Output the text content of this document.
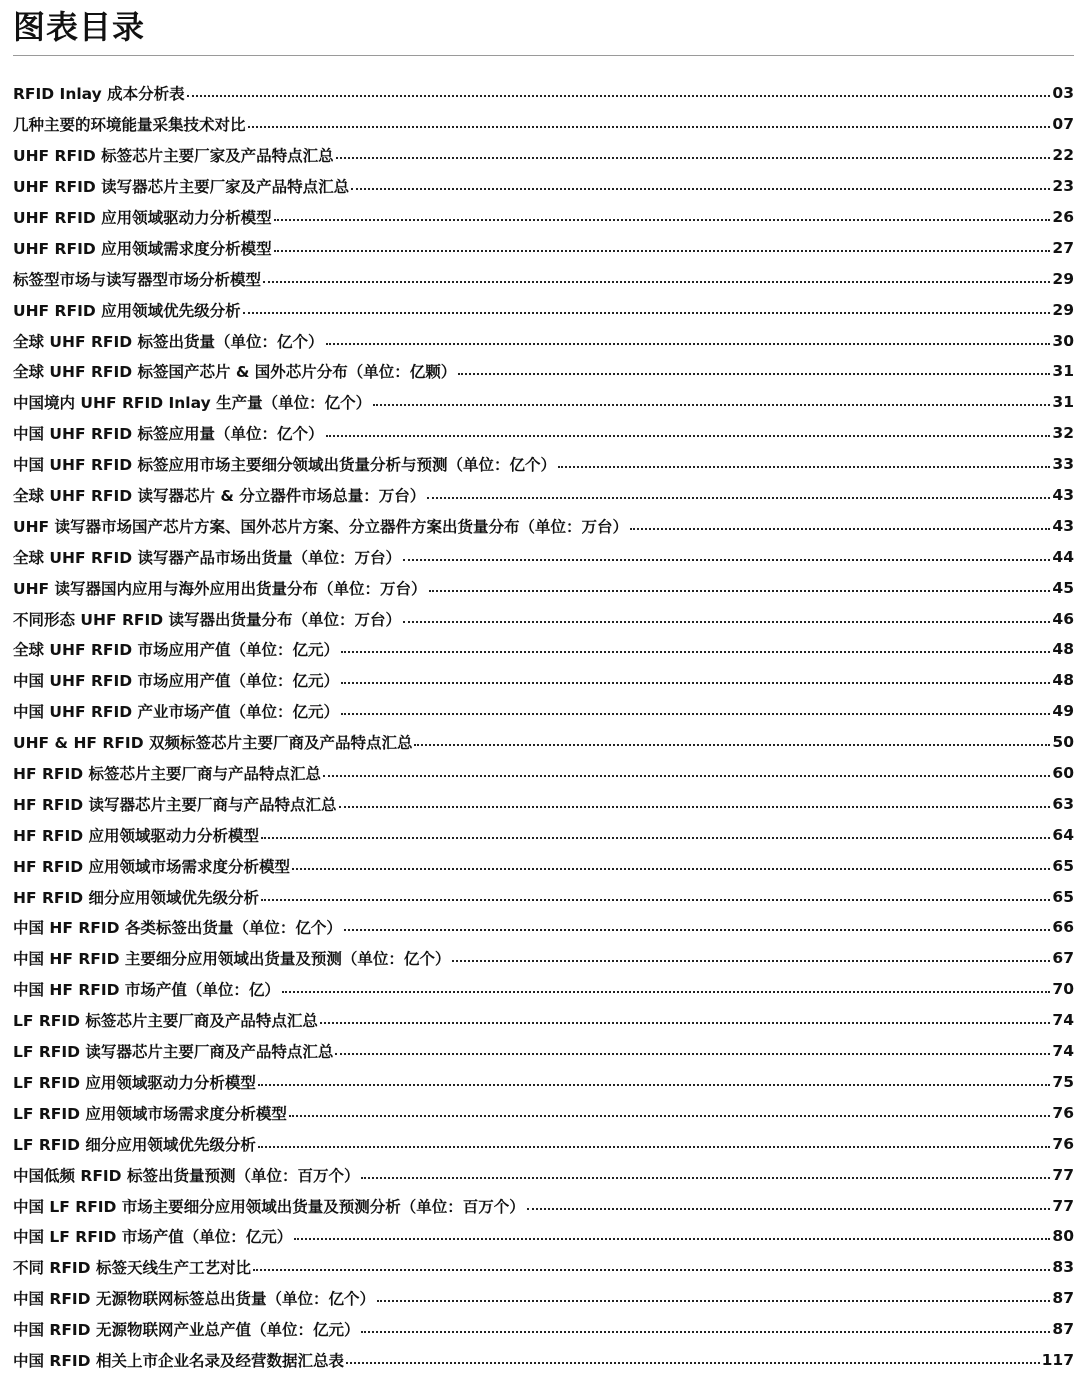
图表目录
RFID Inlay 成本分析表	03
几种主要的环境能量采集技术对比	07
UHF RFID 标签芯片主要厂家及产品特点汇总	22
UHF RFID 读写器芯片主要厂家及产品特点汇总	23
UHF RFID 应用领域驱动力分析模型	26
UHF RFID 应用领域需求度分析模型	27
标签型市场与读写器型市场分析模型	29
UHF RFID 应用领域优先级分析	29
全球 UHF RFID 标签出货量（单位：亿个）	30
全球 UHF RFID 标签国产芯片 & 国外芯片分布（单位：亿颗）	31
中国境内 UHF RFID Inlay 生产量（单位：亿个）	31
中国 UHF RFID 标签应用量（单位：亿个）	32
中国 UHF RFID 标签应用市场主要细分领域出货量分析与预测（单位：亿个）	33
全球 UHF RFID 读写器芯片 & 分立器件市场总量：万台）	43
UHF 读写器市场国产芯片方案、国外芯片方案、分立器件方案出货量分布（单位：万台）	43
全球 UHF RFID 读写器产品市场出货量（单位：万台）	44
UHF 读写器国内应用与海外应用出货量分布（单位：万台）	45
不同形态 UHF RFID 读写器出货量分布（单位：万台）	46
全球 UHF RFID 市场应用产值（单位：亿元）	48
中国 UHF RFID 市场应用产值（单位：亿元）	48
中国 UHF RFID 产业市场产值（单位：亿元）	49
UHF & HF RFID 双频标签芯片主要厂商及产品特点汇总	50
HF RFID 标签芯片主要厂商与产品特点汇总	60
HF RFID 读写器芯片主要厂商与产品特点汇总	63
HF RFID 应用领域驱动力分析模型	64
HF RFID 应用领域市场需求度分析模型	65
HF RFID 细分应用领域优先级分析	65
中国 HF RFID 各类标签出货量（单位：亿个）	66
中国 HF RFID 主要细分应用领域出货量及预测（单位：亿个）	67
中国 HF RFID 市场产值（单位：亿）	70
LF RFID 标签芯片主要厂商及产品特点汇总	74
LF RFID 读写器芯片主要厂商及产品特点汇总	74
LF RFID 应用领域驱动力分析模型	75
LF RFID 应用领域市场需求度分析模型	76
LF RFID 细分应用领域优先级分析	76
中国低频 RFID 标签出货量预测（单位：百万个）	77
中国 LF RFID 市场主要细分应用领域出货量及预测分析（单位：百万个）	77
中国 LF RFID 市场产值（单位：亿元）	80
不同 RFID 标签天线生产工艺对比	83
中国 RFID 无源物联网标签总出货量（单位：亿个）	87
中国 RFID 无源物联网产业总产值（单位：亿元）	87
中国 RFID 相关上市企业名录及经营数据汇总表	117
